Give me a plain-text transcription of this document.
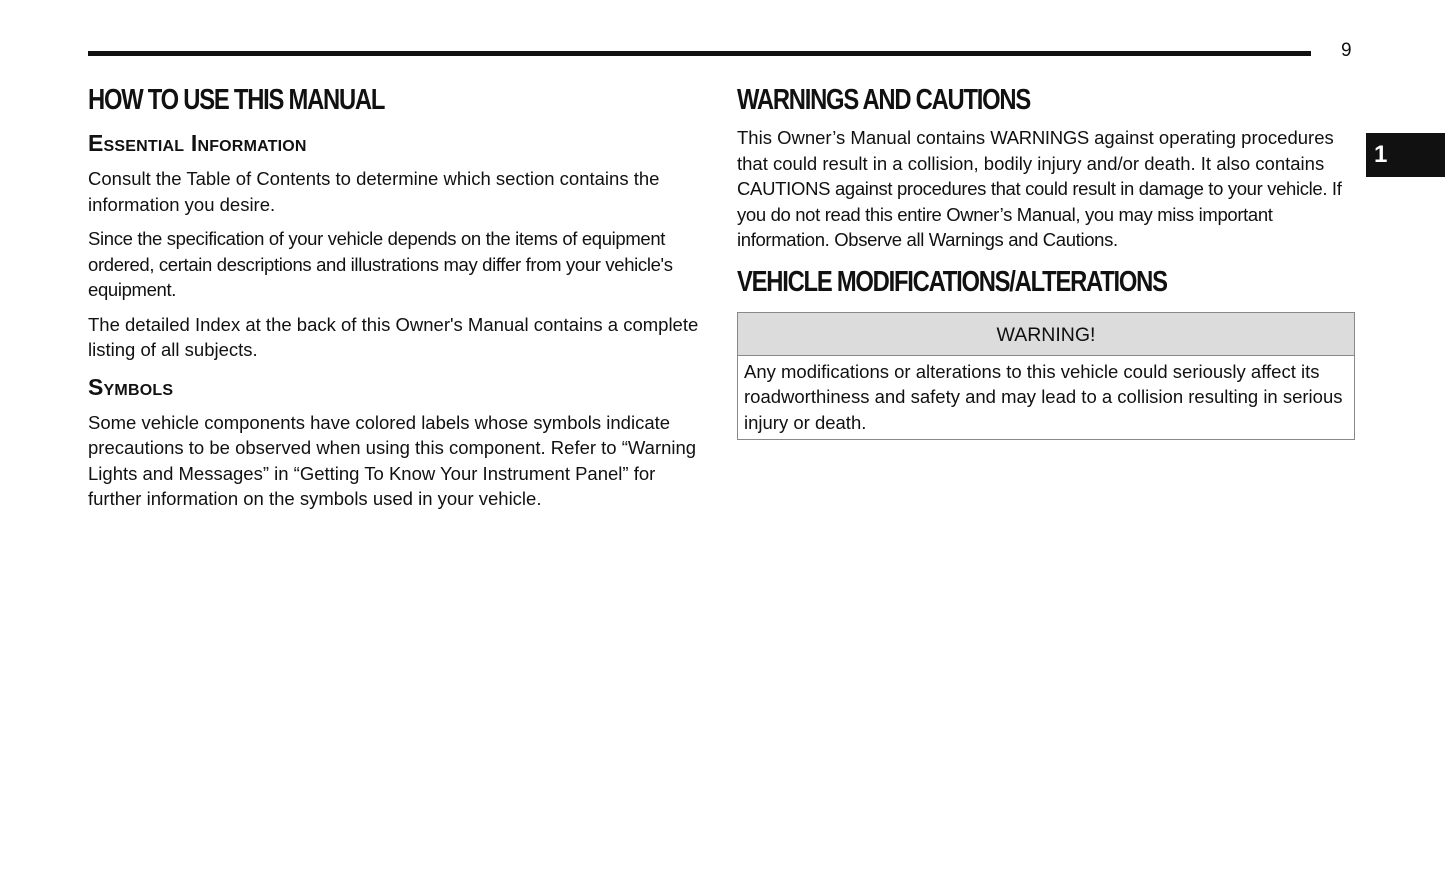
9
1
HOW TO USE THIS MANUAL
Essential Information

Consult the Table of Contents to determine which section contains the information you desire.

Since the specification of your vehicle depends on the items of equipment ordered, certain descriptions and illustrations may differ from your vehicle's equipment.

The detailed Index at the back of this Owner's Manual contains a complete listing of all subjects.

Symbols

Some vehicle components have colored labels whose symbols indicate precautions to be observed when using this component. Refer to “Warning Lights and Messages” in “Getting To Know Your Instrument Panel” for further information on the symbols used in your vehicle.

WARNINGS AND CAUTIONS

This Owner’s Manual contains WARNINGS against operating procedures that could result in a collision, bodily injury and/or death. It also contains CAUTIONS against procedures that could result in damage to your vehicle. If you do not read this entire Owner’s Manual, you may miss important information. Observe all Warnings and Cautions.

VEHICLE MODIFICATIONS/ALTERATIONS
WARNING!
Any modifications or alterations to this vehicle could seriously affect its roadworthiness and safety and may lead to a collision resulting in serious injury or death.
